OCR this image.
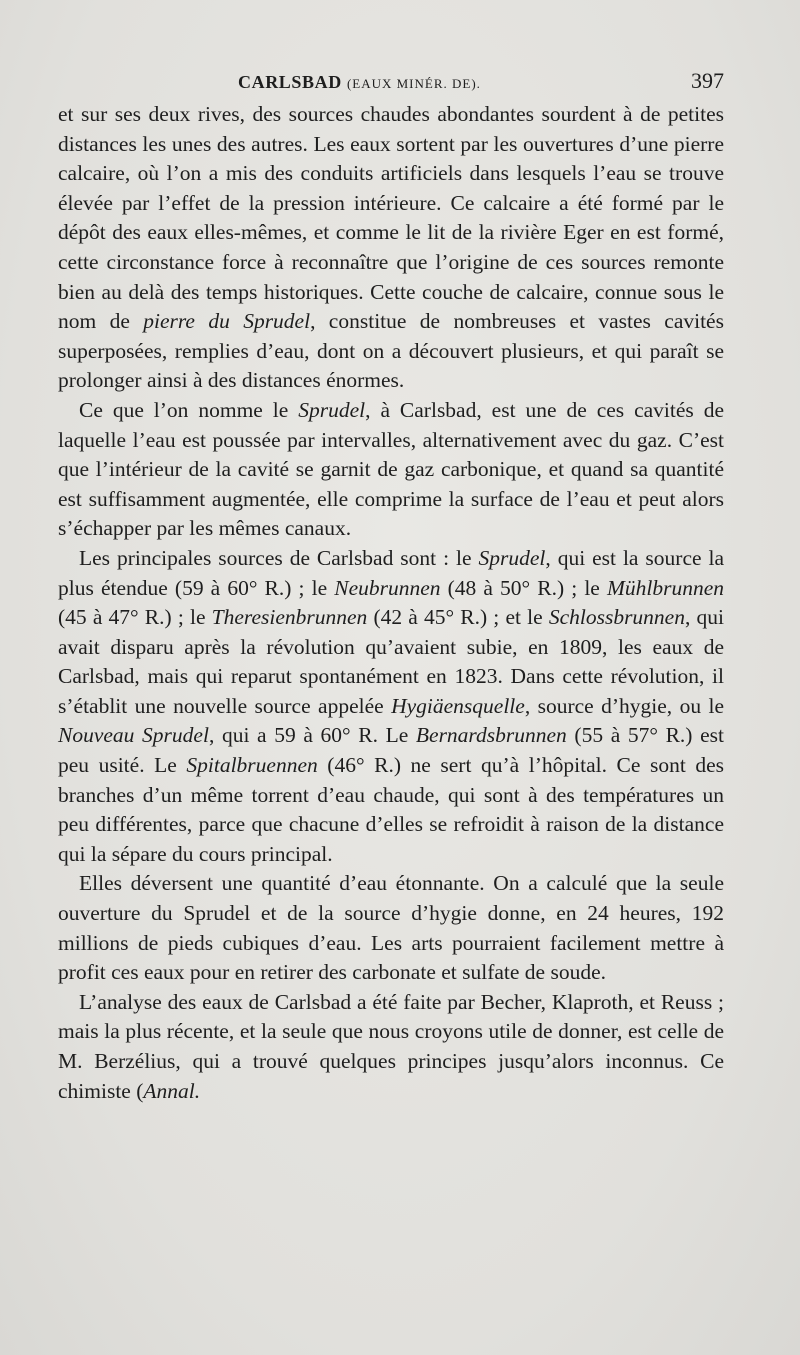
CARLSBAD (EAUX MINÉR. DE).	397

et sur ses deux rives, des sources chaudes abondantes sourdent à de petites distances les unes des autres. Les eaux sortent par les ouvertures d’une pierre calcaire, où l’on a mis des conduits artificiels dans lesquels l’eau se trouve élevée par l’effet de la pression intérieure. Ce calcaire a été formé par le dépôt des eaux elles-mêmes, et comme le lit de la rivière Eger en est formé, cette circonstance force à reconnaître que l’origine de ces sources remonte bien au delà des temps historiques. Cette couche de calcaire, connue sous le nom de pierre du Sprudel, constitue de nombreuses et vastes cavités superposées, remplies d’eau, dont on a découvert plusieurs, et qui paraît se prolonger ainsi à des distances énormes.

Ce que l’on nomme le Sprudel, à Carlsbad, est une de ces cavités de laquelle l’eau est poussée par intervalles, alternativement avec du gaz. C’est que l’intérieur de la cavité se garnit de gaz carbonique, et quand sa quantité est suffisamment augmentée, elle comprime la surface de l’eau et peut alors s’échapper par les mêmes canaux.

Les principales sources de Carlsbad sont : le Sprudel, qui est la source la plus étendue (59 à 60° R.) ; le Neubrunnen (48 à 50° R.) ; le Mühlbrunnen (45 à 47° R.) ; le Theresienbrunnen (42 à 45° R.) ; et le Schlossbrunnen, qui avait disparu après la révolution qu’avaient subie, en 1809, les eaux de Carlsbad, mais qui reparut spontanément en 1823. Dans cette révolution, il s’établit une nouvelle source appelée Hygiäensquelle, source d’hygie, ou le Nouveau Sprudel, qui a 59 à 60° R. Le Bernardsbrunnen (55 à 57° R.) est peu usité. Le Spitalbruennen (46° R.) ne sert qu’à l’hôpital. Ce sont des branches d’un même torrent d’eau chaude, qui sont à des températures un peu différentes, parce que chacune d’elles se refroidit à raison de la distance qui la sépare du cours principal.

Elles déversent une quantité d’eau étonnante. On a calculé que la seule ouverture du Sprudel et de la source d’hygie donne, en 24 heures, 192 millions de pieds cubiques d’eau. Les arts pourraient facilement mettre à profit ces eaux pour en retirer des carbonate et sulfate de soude.

L’analyse des eaux de Carlsbad a été faite par Becher, Klaproth, et Reuss ; mais la plus récente, et la seule que nous croyons utile de donner, est celle de M. Berzélius, qui a trouvé quelques principes jusqu’alors inconnus. Ce chimiste (Annal.
